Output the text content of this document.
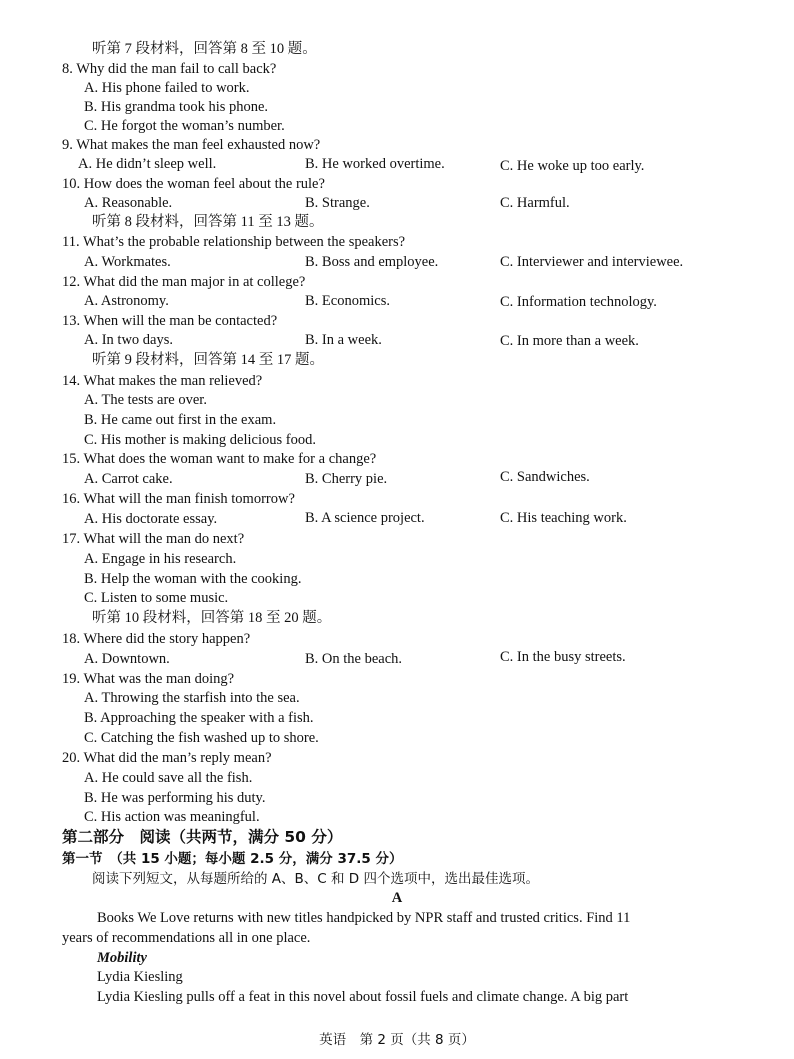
听第 7 段材料，回答第 8 至 10 题。
8. Why did the man fail to call back?
A. His phone failed to work.
B. His grandma took his phone.
C. He forgot the woman’s number.
9. What makes the man feel exhausted now?
A. He didn’t sleep well.	B. He worked overtime.	C. He woke up too early.
10. How does the woman feel about the rule?
A. Reasonable.	B. Strange.	C. Harmful.
听第 8 段材料，回答第 11 至 13 题。
11. What’s the probable relationship between the speakers?
A. Workmates.	B. Boss and employee.	C. Interviewer and interviewee.
12. What did the man major in at college?
A. Astronomy.	B. Economics.	C. Information technology.
13. When will the man be contacted?
A. In two days.	B. In a week.	C. In more than a week.
听第 9 段材料，回答第 14 至 17 题。
14. What makes the man relieved?
A. The tests are over.
B. He came out first in the exam.
C. His mother is making delicious food.
15. What does the woman want to make for a change?
A. Carrot cake.	B. Cherry pie.	C. Sandwiches.
16. What will the man finish tomorrow?
A. His doctorate essay.	B. A science project.	C. His teaching work.
17. What will the man do next?
A. Engage in his research.
B. Help the woman with the cooking.
C. Listen to some music.
听第 10 段材料，回答第 18 至 20 题。
18. Where did the story happen?
A. Downtown.	B. On the beach.	C. In the busy streets.
19. What was the man doing?
A. Throwing the starfish into the sea.
B. Approaching the speaker with a fish.
C. Catching the fish washed up to shore.
20. What did the man’s reply mean?
A. He could save all the fish.
B. He was performing his duty.
C. His action was meaningful.
第二部分　阅读（共两节，满分 50 分）
第一节　（共 15 小题；每小题 2.5 分，满分 37.5 分）
阅读下列短文，从每题所给的 A、B、C 和 D 四个选项中，选出最佳选项。
A
Books We Love returns with new titles handpicked by NPR staff and trusted critics. Find 11
years of recommendations all in one place.
Mobility
Lydia Kiesling
Lydia Kiesling pulls off a feat in this novel about fossil fuels and climate change. A big part
英语　第 2 页（共 8 页）
